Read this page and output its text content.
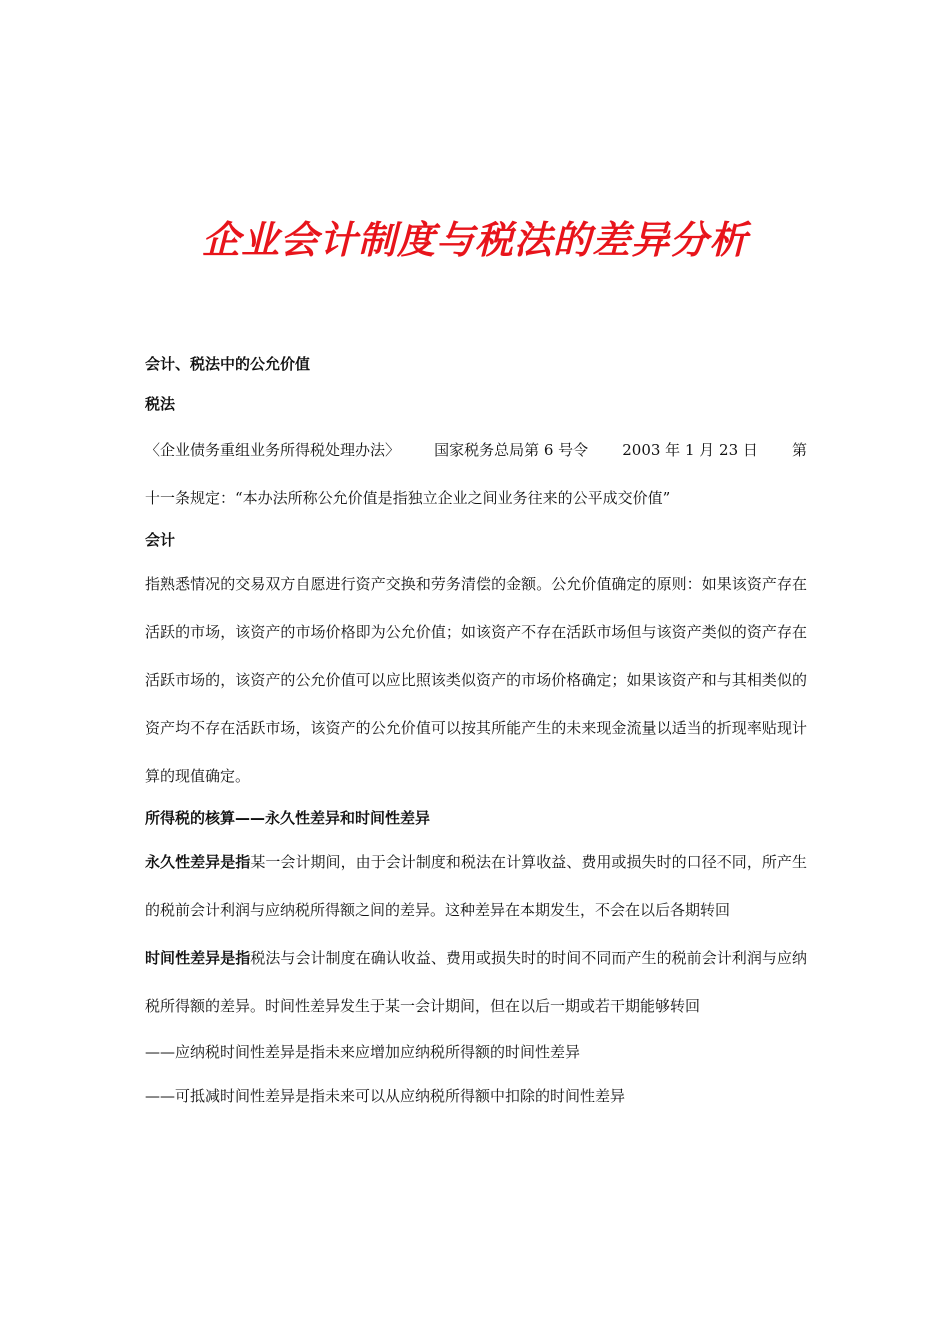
企业会计制度与税法的差异分析
会计、税法中的公允价值
税法
〈企业债务重组业务所得税处理办法〉 国家税务总局第 6 号令 2003 年 1 月 23 日 第
十一条规定：“本办法所称公允价值是指独立企业之间业务往来的公平成交价值”
会计

指熟悉情况的交易双方自愿进行资产交换和劳务清偿的金额。公允价值确定的原则：如果该资产存在活跃的市场，该资产的市场价格即为公允价值；如该资产不存在活跃市场但与该资产类似的资产存在活跃市场的，该资产的公允价值可以应比照该类似资产的市场价格确定；如果该资产和与其相类似的资产均不存在活跃市场，该资产的公允价值可以按其所能产生的未来现金流量以适当的折现率贴现计算的现值确定。

所得税的核算——永久性差异和时间性差异

永久性差异是指某一会计期间，由于会计制度和税法在计算收益、费用或损失时的口径不同，所产生的税前会计利润与应纳税所得额之间的差异。这种差异在本期发生，不会在以后各期转回

时间性差异是指税法与会计制度在确认收益、费用或损失时的时间不同而产生的税前会计利润与应纳税所得额的差异。时间性差异发生于某一会计期间，但在以后一期或若干期能够转回

——应纳税时间性差异是指未来应增加应纳税所得额的时间性差异
——可抵减时间性差异是指未来可以从应纳税所得额中扣除的时间性差异
